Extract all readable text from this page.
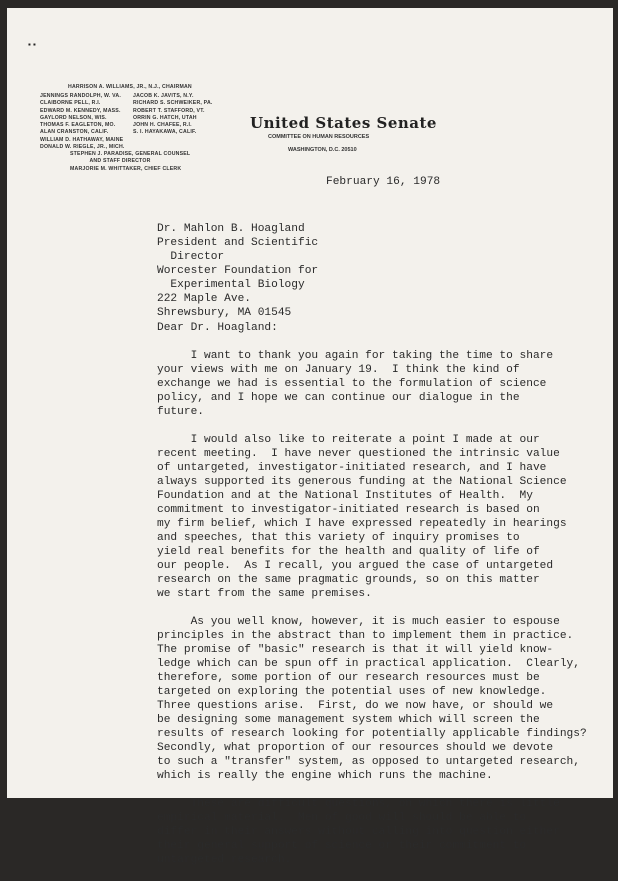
▪ ▪
HARRISON A. WILLIAMS, JR., N.J., CHAIRMAN
JENNINGS RANDOLPH, W. VA.
CLAIBORNE PELL, R.I.
EDWARD M. KENNEDY, MASS.
GAYLORD NELSON, WIS.
THOMAS F. EAGLETON, MO.
ALAN CRANSTON, CALIF.
WILLIAM D. HATHAWAY, MAINE
DONALD W. RIEGLE, JR., MICH.
JACOB K. JAVITS, N.Y.
RICHARD S. SCHWEIKER, PA.
ROBERT T. STAFFORD, VT.
ORRIN G. HATCH, UTAH
JOHN H. CHAFEE, R.I.
S. I. HAYAKAWA, CALIF.
STEPHEN J. PARADISE, GENERAL COUNSEL
AND STAFF DIRECTOR
MARJORIE M. WHITTAKER, CHIEF CLERK
United States Senate
COMMITTEE ON HUMAN RESOURCES
WASHINGTON, D.C. 20510
February 16, 1978
Dr. Mahlon B. Hoagland
President and Scientific
Director
Worcester Foundation for
Experimental Biology
222 Maple Ave.
Shrewsbury, MA 01545
Dear Dr. Hoagland:
I want to thank you again for taking the time to share
your views with me on January 19.  I think the kind of
exchange we had is essential to the formulation of science
policy, and I hope we can continue our dialogue in the
future.
I would also like to reiterate a point I made at our
recent meeting.  I have never questioned the intrinsic value
of untargeted, investigator-initiated research, and I have
always supported its generous funding at the National Science
Foundation and at the National Institutes of Health.  My
commitment to investigator-initiated research is based on
my firm belief, which I have expressed repeatedly in hearings
and speeches, that this variety of inquiry promises to
yield real benefits for the health and quality of life of
our people.  As I recall, you argued the case of untargeted
research on the same pragmatic grounds, so on this matter
we start from the same premises.
As you well know, however, it is much easier to espouse
principles in the abstract than to implement them in practice.
The promise of "basic" research is that it will yield know-
ledge which can be spun off in practical application.  Clearly,
therefore, some portion of our research resources must be
targeted on exploring the potential uses of new knowledge.
Three questions arise.  First, do we now have, or should we
be designing some management system which will screen the
results of research looking for potentially applicable findings?
Secondly, what proportion of our resources should we devote
to such a "transfer" system, as opposed to untargeted research,
which is really the engine which runs the machine.
These are difficult questions, on which there is little
empirical material.  Men of good will should be able to
differ in their answers without calling into question either
their general support of science or their commitment to
untargeted research.
